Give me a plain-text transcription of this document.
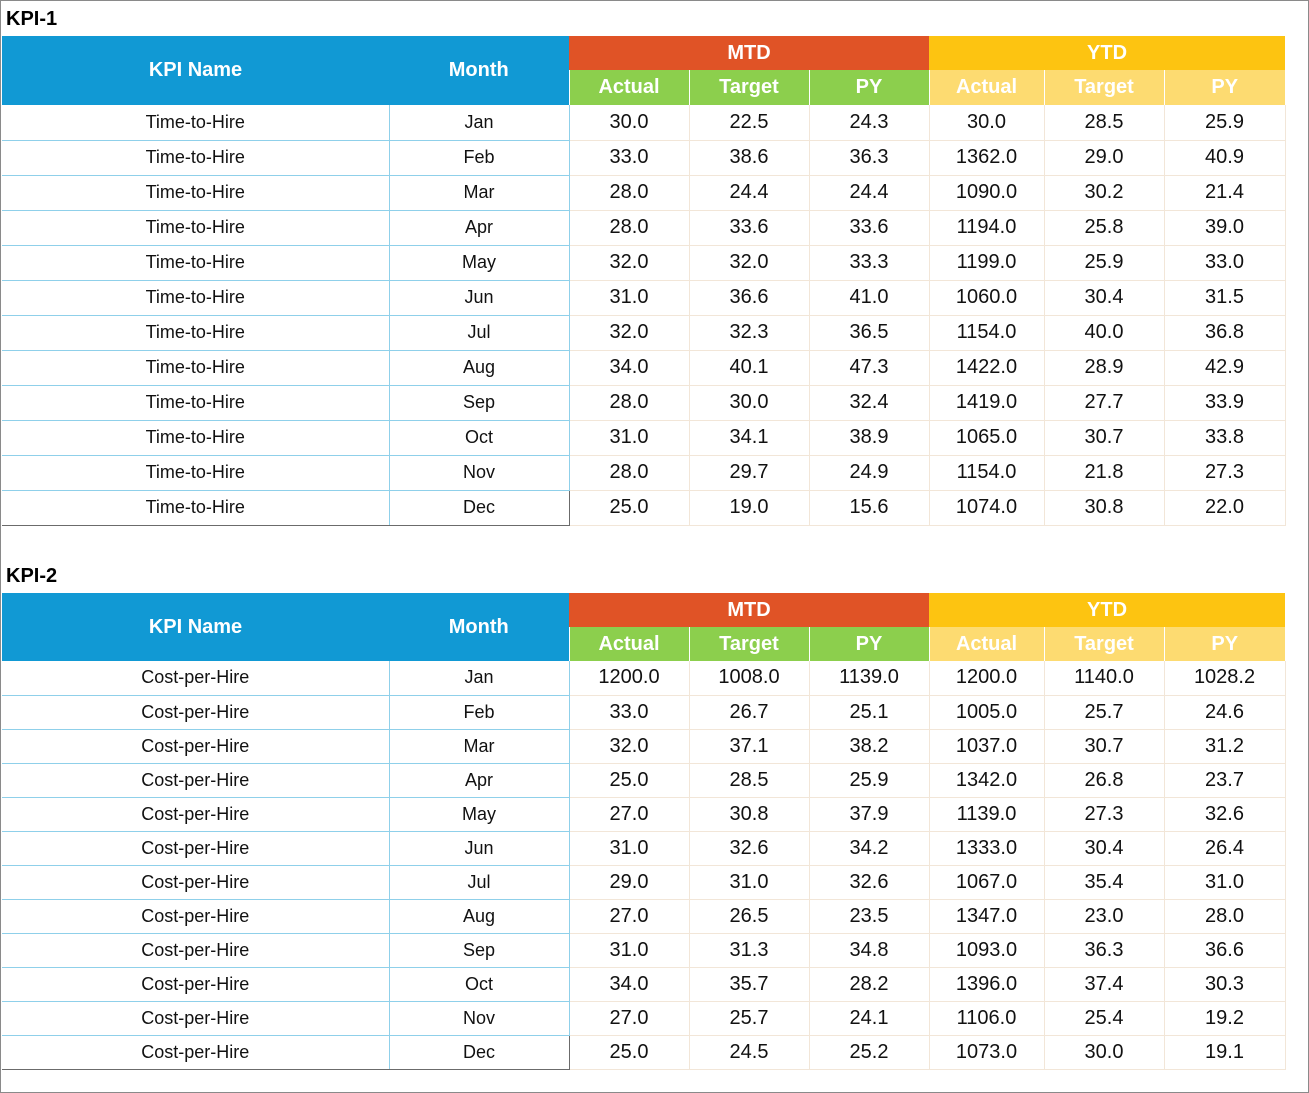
KPI-1
KPI Name	Month	MTD			YTD		
		Actual	Target	PY	Actual	Target	PY
Time-to-Hire	Jan	30.0	22.5	24.3	30.0	28.5	25.9
Time-to-Hire	Feb	33.0	38.6	36.3	1362.0	29.0	40.9
Time-to-Hire	Mar	28.0	24.4	24.4	1090.0	30.2	21.4
Time-to-Hire	Apr	28.0	33.6	33.6	1194.0	25.8	39.0
Time-to-Hire	May	32.0	32.0	33.3	1199.0	25.9	33.0
Time-to-Hire	Jun	31.0	36.6	41.0	1060.0	30.4	31.5
Time-to-Hire	Jul	32.0	32.3	36.5	1154.0	40.0	36.8
Time-to-Hire	Aug	34.0	40.1	47.3	1422.0	28.9	42.9
Time-to-Hire	Sep	28.0	30.0	32.4	1419.0	27.7	33.9
Time-to-Hire	Oct	31.0	34.1	38.9	1065.0	30.7	33.8
Time-to-Hire	Nov	28.0	29.7	24.9	1154.0	21.8	27.3
Time-to-Hire	Dec	25.0	19.0	15.6	1074.0	30.8	22.0
KPI-2
KPI Name	Month	MTD			YTD		
		Actual	Target	PY	Actual	Target	PY
Cost-per-Hire	Jan	1200.0	1008.0	1139.0	1200.0	1140.0	1028.2
Cost-per-Hire	Feb	33.0	26.7	25.1	1005.0	25.7	24.6
Cost-per-Hire	Mar	32.0	37.1	38.2	1037.0	30.7	31.2
Cost-per-Hire	Apr	25.0	28.5	25.9	1342.0	26.8	23.7
Cost-per-Hire	May	27.0	30.8	37.9	1139.0	27.3	32.6
Cost-per-Hire	Jun	31.0	32.6	34.2	1333.0	30.4	26.4
Cost-per-Hire	Jul	29.0	31.0	32.6	1067.0	35.4	31.0
Cost-per-Hire	Aug	27.0	26.5	23.5	1347.0	23.0	28.0
Cost-per-Hire	Sep	31.0	31.3	34.8	1093.0	36.3	36.6
Cost-per-Hire	Oct	34.0	35.7	28.2	1396.0	37.4	30.3
Cost-per-Hire	Nov	27.0	25.7	24.1	1106.0	25.4	19.2
Cost-per-Hire	Dec	25.0	24.5	25.2	1073.0	30.0	19.1
